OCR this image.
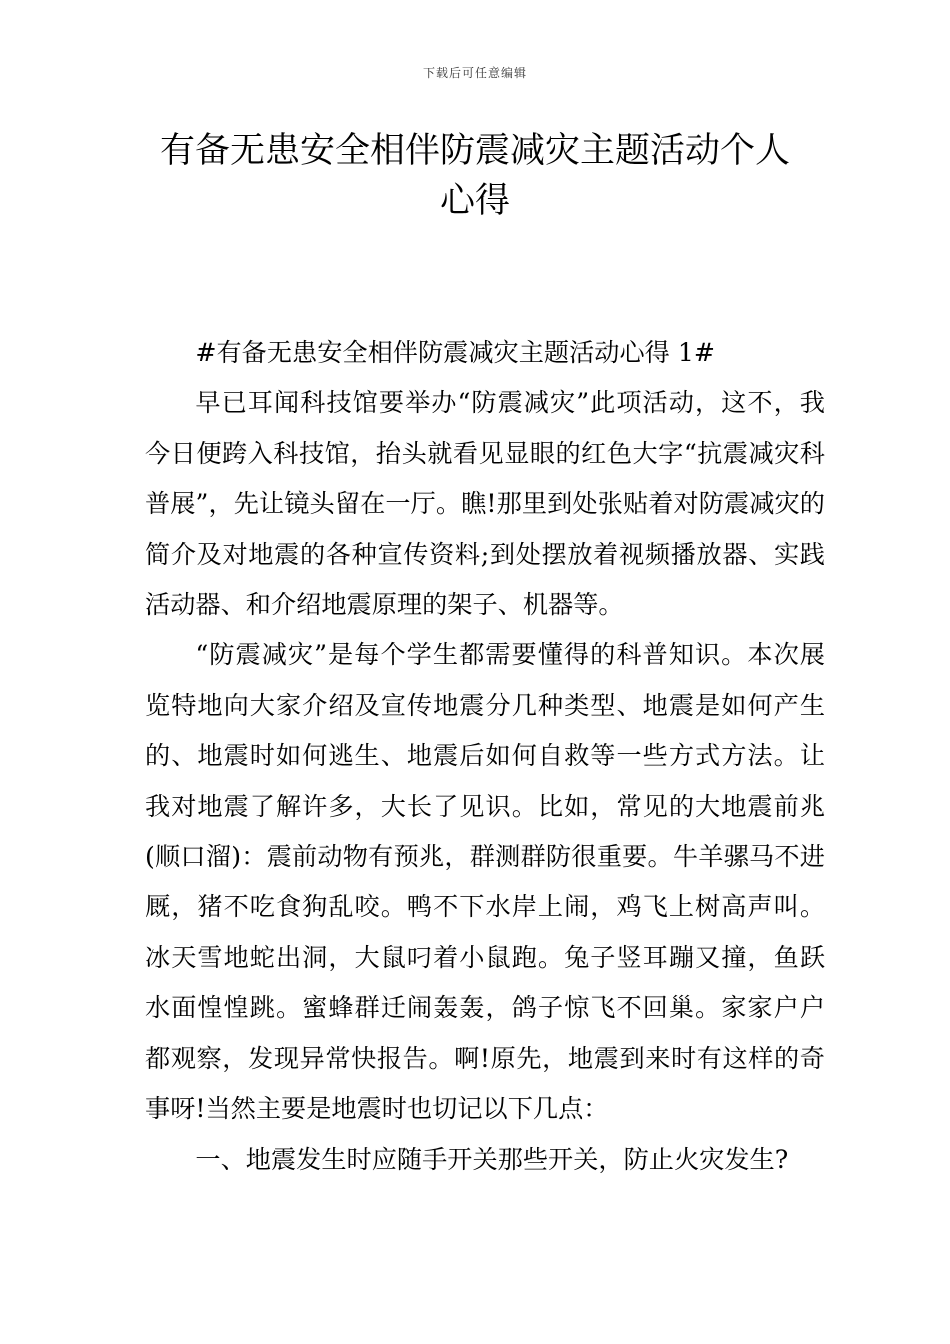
下载后可任意编辑
有备无患安全相伴防震减灾主题活动个人
心得

#有备无患安全相伴防震减灾主题活动心得 1#

早已耳闻科技馆要举办“防震减灾”此项活动，这不，我今日便跨入科技馆，抬头就看见显眼的红色大字“抗震减灾科普展”，先让镜头留在一厅。瞧!那里到处张贴着对防震减灾的简介及对地震的各种宣传资料;到处摆放着视频播放器、实践活动器、和介绍地震原理的架子、机器等。

“防震减灾”是每个学生都需要懂得的科普知识。本次展览特地向大家介绍及宣传地震分几种类型、地震是如何产生的、地震时如何逃生、地震后如何自救等一些方式方法。让我对地震了解许多，大长了见识。比如，常见的大地震前兆(顺口溜)：震前动物有预兆，群测群防很重要。牛羊骡马不进厩，猪不吃食狗乱咬。鸭不下水岸上闹，鸡飞上树高声叫。冰天雪地蛇出洞，大鼠叼着小鼠跑。兔子竖耳蹦又撞，鱼跃水面惶惶跳。蜜蜂群迁闹轰轰，鸽子惊飞不回巢。家家户户都观察，发现异常快报告。啊!原先，地震到来时有这样的奇事呀!当然主要是地震时也切记以下几点：

一、地震发生时应随手开关那些开关，防止火灾发生?
